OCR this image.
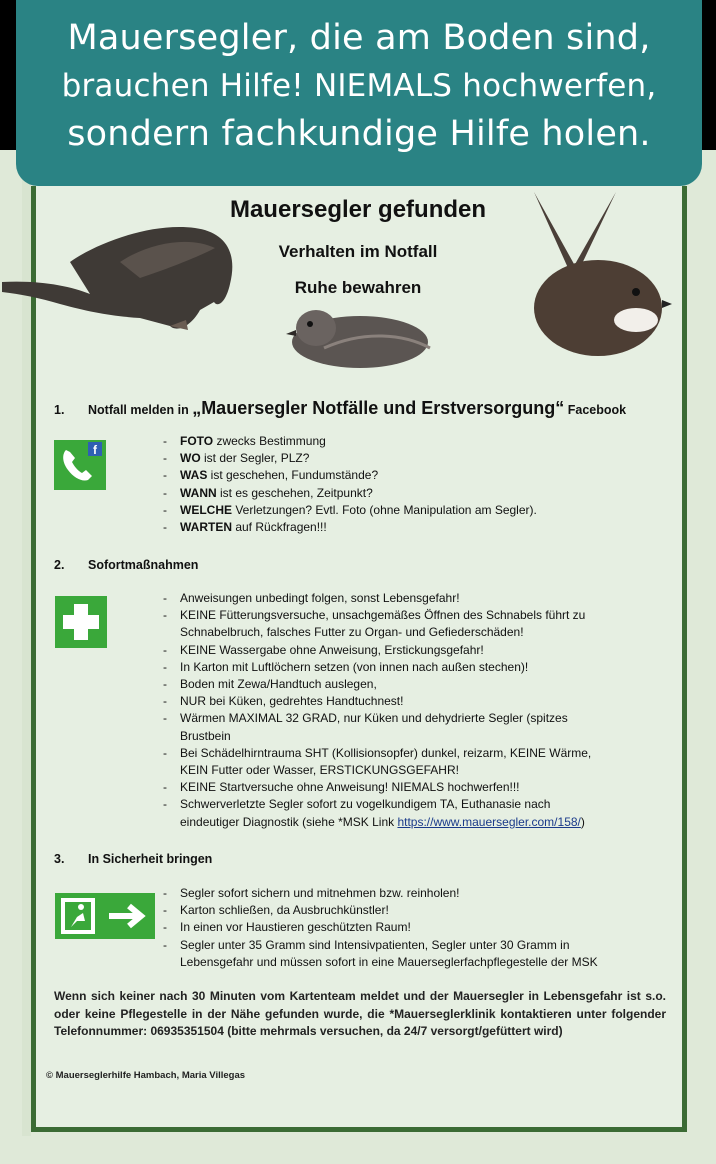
Mauersegler, die am Boden sind,
brauchen Hilfe! NIEMALS hochwerfen,
sondern fachkundige Hilfe holen.
Mauersegler gefunden
Verhalten im Notfall
Ruhe bewahren
1. Notfall melden in „Mauersegler Notfälle und Erstversorgung“ Facebook
f
- FOTO zwecks Bestimmung
- WO ist der Segler, PLZ?
- WAS ist geschehen, Fundumstände?
- WANN ist es geschehen, Zeitpunkt?
- WELCHE Verletzungen? Evtl. Foto (ohne Manipulation am Segler).
- WARTEN auf Rückfragen!!!
2. Sofortmaßnahmen
- Anweisungen unbedingt folgen, sonst Lebensgefahr!
- KEINE Fütterungsversuche, unsachgemäßes Öffnen des Schnabels führt zu
Schnabelbruch, falsches Futter zu Organ- und Gefiederschäden!
- KEINE Wassergabe ohne Anweisung, Erstickungsgefahr!
- In Karton mit Luftlöchern setzen (von innen nach außen stechen)!
- Boden mit Zewa/Handtuch auslegen,
- NUR bei Küken, gedrehtes Handtuchnest!
- Wärmen MAXIMAL 32 GRAD, nur Küken und dehydrierte Segler (spitzes
Brustbein
- Bei Schädelhirntrauma SHT (Kollisionsopfer) dunkel, reizarm, KEINE Wärme,
KEIN Futter oder Wasser, ERSTICKUNGSGEFAHR!
- KEINE Startversuche ohne Anweisung! NIEMALS hochwerfen!!!
- Schwerverletzte Segler sofort zu vogelkundigem TA, Euthanasie nach
eindeutiger Diagnostik (siehe *MSK Link https://www.mauersegler.com/158/)
3. In Sicherheit bringen
- Segler sofort sichern und mitnehmen bzw. reinholen!
- Karton schließen, da Ausbruchkünstler!
- In einen vor Haustieren geschützten Raum!
- Segler unter 35 Gramm sind Intensivpatienten, Segler unter 30 Gramm in
Lebensgefahr und müssen sofort in eine Mauerseglerfachpflegestelle der MSK
Wenn sich keiner nach 30 Minuten vom Kartenteam meldet und der Mauersegler in Lebensgefahr ist s.o. oder keine Pflegestelle in der Nähe gefunden wurde, die *Mauerseglerklinik kontaktieren unter folgender Telefonnummer: 06935351504 (bitte mehrmals versuchen, da 24/7 versorgt/gefüttert wird)
© Mauerseglerhilfe Hambach, Maria Villegas
